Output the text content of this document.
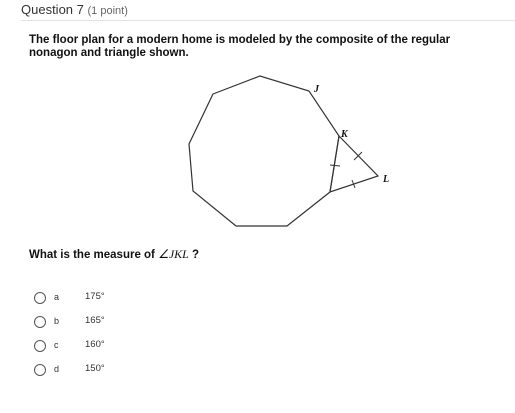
Question 7 (1 point)
The floor plan for a modern home is modeled by the composite of the regular nonagon and triangle shown.
J
K
L
What is the measure of ∠JKL ?
a	175°
b	165°
c	160°
d	150°
